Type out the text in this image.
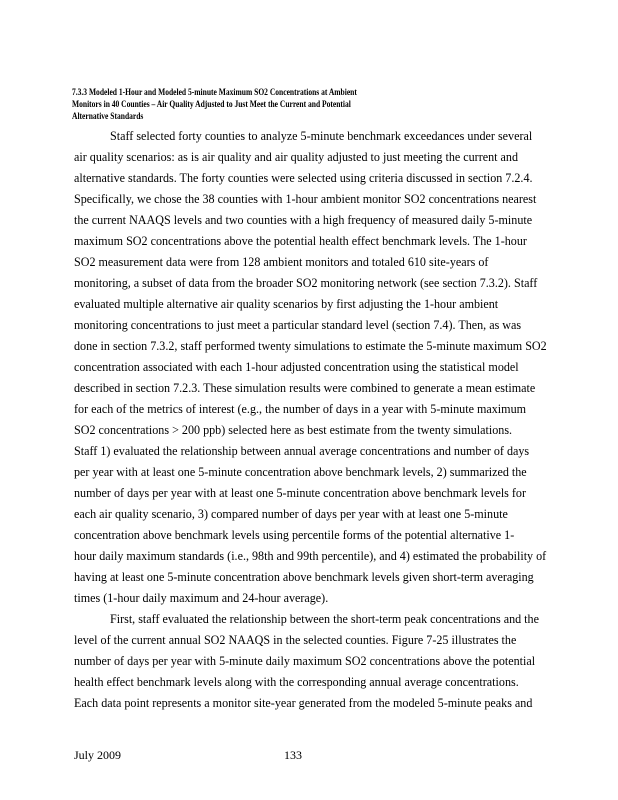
7.3.3 Modeled 1-Hour and Modeled 5-minute Maximum SO2 Concentrations at Ambient
Monitors in 40 Counties – Air Quality Adjusted to Just Meet the Current and Potential
Alternative Standards
Staff selected forty counties to analyze 5-minute benchmark exceedances under several
air quality scenarios: as is air quality and air quality adjusted to just meeting the current and
alternative standards. The forty counties were selected using criteria discussed in section 7.2.4.
Specifically, we chose the 38 counties with 1-hour ambient monitor SO2 concentrations nearest
the current NAAQS levels and two counties with a high frequency of measured daily 5-minute
maximum SO2 concentrations above the potential health effect benchmark levels. The 1-hour
SO2 measurement data were from 128 ambient monitors and totaled 610 site-years of
monitoring, a subset of data from the broader SO2 monitoring network (see section 7.3.2). Staff
evaluated multiple alternative air quality scenarios by first adjusting the 1-hour ambient
monitoring concentrations to just meet a particular standard level (section 7.4). Then, as was
done in section 7.3.2, staff performed twenty simulations to estimate the 5-minute maximum SO2
concentration associated with each 1-hour adjusted concentration using the statistical model
described in section 7.2.3. These simulation results were combined to generate a mean estimate
for each of the metrics of interest (e.g., the number of days in a year with 5-minute maximum
SO2 concentrations > 200 ppb) selected here as best estimate from the twenty simulations.
Staff 1) evaluated the relationship between annual average concentrations and number of days
per year with at least one 5-minute concentration above benchmark levels, 2) summarized the
number of days per year with at least one 5-minute concentration above benchmark levels for
each air quality scenario, 3) compared number of days per year with at least one 5-minute
concentration above benchmark levels using percentile forms of the potential alternative 1-
hour daily maximum standards (i.e., 98th and 99th percentile), and 4) estimated the probability of
having at least one 5-minute concentration above benchmark levels given short-term averaging
times (1-hour daily maximum and 24-hour average).
First, staff evaluated the relationship between the short-term peak concentrations and the
level of the current annual SO2 NAAQS in the selected counties. Figure 7-25 illustrates the
number of days per year with 5-minute daily maximum SO2 concentrations above the potential
health effect benchmark levels along with the corresponding annual average concentrations.
Each data point represents a monitor site-year generated from the modeled 5-minute peaks and
July 2009	133
